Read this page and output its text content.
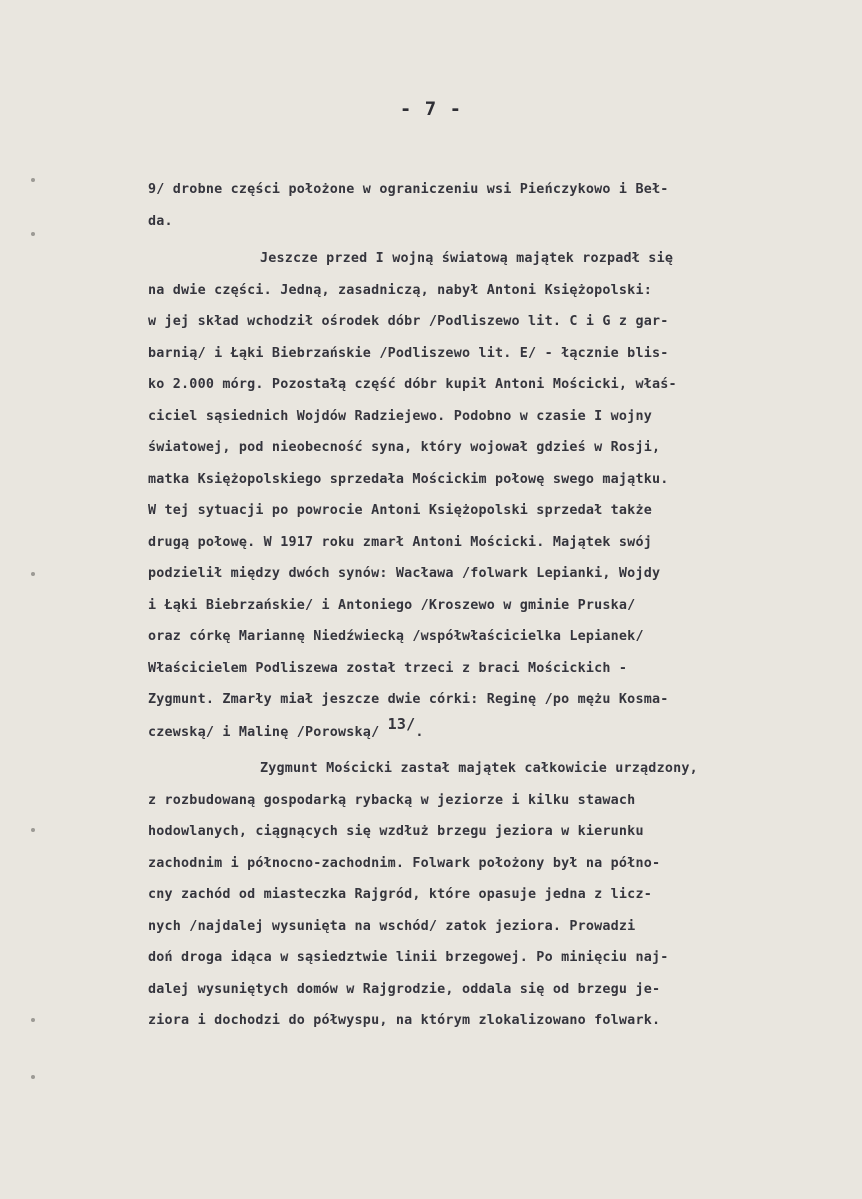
- 7 -
9/ drobne części położone w ograniczeniu wsi Pieńczykowo i Beł-
da.
Jeszcze przed I wojną światową majątek rozpadł się
na dwie części. Jedną, zasadniczą, nabył Antoni Księżopolski:
w jej skład wchodził ośrodek dóbr /Podliszewo lit. C i G z gar-
barnią/ i Łąki Biebrzańskie /Podliszewo lit. E/ - łącznie blis-
ko 2.000 mórg. Pozostałą część dóbr kupił Antoni Mościcki, właś-
ciciel sąsiednich Wojdów Radziejewo. Podobno w czasie I wojny
światowej, pod nieobecność syna, który wojował gdzieś w Rosji,
matka Księżopolskiego sprzedała Mościckim połowę swego majątku.
W tej sytuacji po powrocie Antoni Księżopolski sprzedał także
drugą połowę. W 1917 roku zmarł Antoni Mościcki. Majątek swój
podzielił między dwóch synów: Wacława /folwark Lepianki, Wojdy
i Łąki Biebrzańskie/ i Antoniego /Kroszewo w gminie Pruska/
oraz córkę Mariannę Niedźwiecką /współwłaścicielka Lepianek/
Właścicielem Podliszewa został trzeci z braci Mościckich -
Zygmunt. Zmarły miał jeszcze dwie córki: Reginę /po mężu Kosma-
czewską/ i Malinę /Porowską/ 13/.
Zygmunt Mościcki zastał majątek całkowicie urządzony,
z rozbudowaną gospodarką rybacką w jeziorze i kilku stawach
hodowlanych, ciągnących się wzdłuż brzegu jeziora w kierunku
zachodnim i północno-zachodnim. Folwark położony był na półno-
cny zachód od miasteczka Rajgród, które opasuje jedna z licz-
nych /najdalej wysunięta na wschód/ zatok jeziora. Prowadzi
doń droga idąca w sąsiedztwie linii brzegowej. Po minięciu naj-
dalej wysuniętych domów w Rajgrodzie, oddala się od brzegu je-
ziora i dochodzi do półwyspu, na którym zlokalizowano folwark.
